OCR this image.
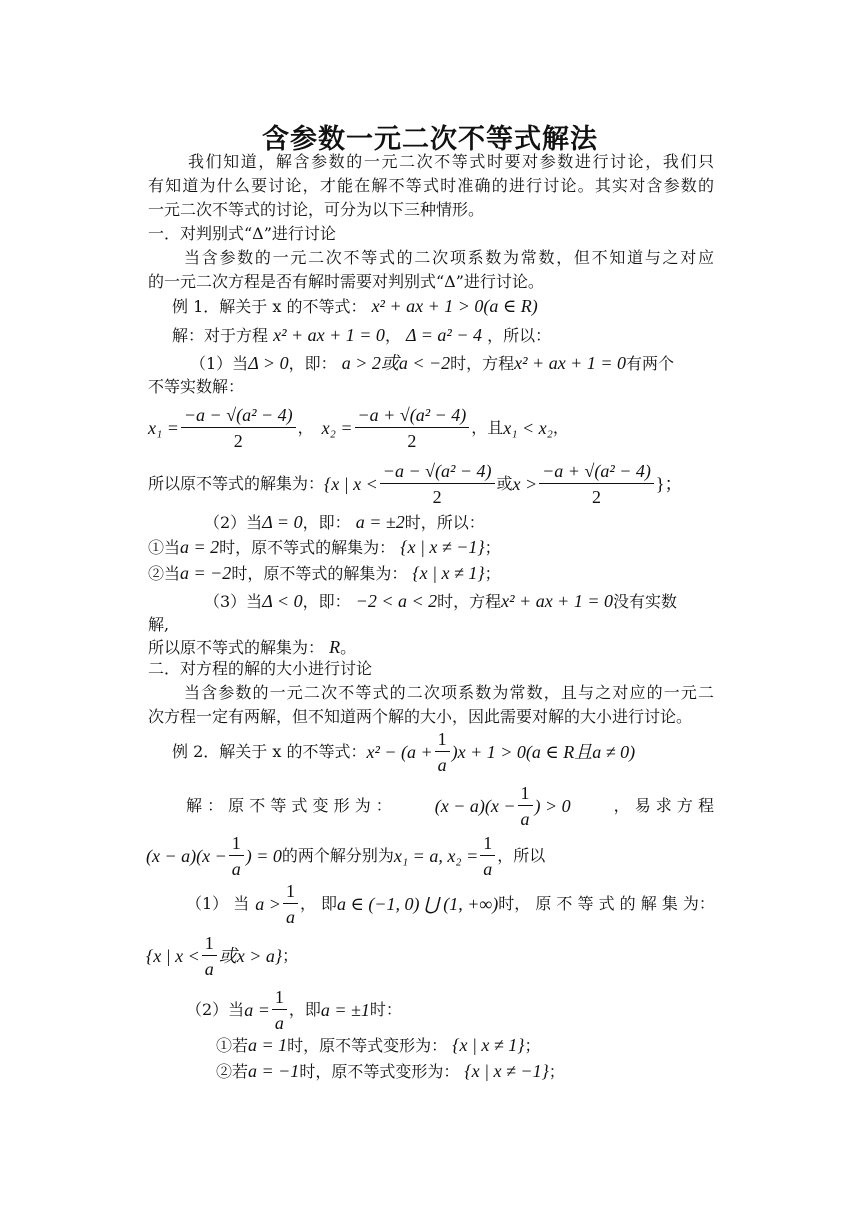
含参数一元二次不等式解法
我们知道，解含参数的一元二次不等式时要对参数进行讨论，我们只
有知道为什么要讨论，才能在解不等式时准确的进行讨论。其实对含参数的
一元二次不等式的讨论，可分为以下三种情形。
一．对判别式“Δ”进行讨论
当含参数的一元二次不等式的二次项系数为常数，但不知道与之对应
的一元二次方程是否有解时需要对判别式“Δ”进行讨论。
例 1．解关于 x 的不等式： x² + ax + 1 > 0(a ∈ R)
解：对于方程 x² + ax + 1 = 0， Δ = a² − 4 ，所以：
（1）当Δ > 0，即： a > 2或a < −2时，方程x² + ax + 1 = 0有两个
不等实数解：
$x_1 = \frac{\text{−a − √(a² − 4)}}{2}$ ， $x_2 = \frac{\text{−a + √(a² − 4)}}{2}$ ，且 x₁ < x₂ ，
所以原不等式的解集为： {x | $x < \frac{\text{−a − √(a² − 4)}}{2}$ 或 $x > \frac{\text{−a + √(a² − 4)}}{2}$ }；
（2）当Δ = 0，即： a = ±2时，所以：
①当a = 2时，原不等式的解集为： {x | x ≠ −1}；
②当a = −2时，原不等式的解集为： {x | x ≠ 1}；
（3）当Δ < 0，即： −2 < a < 2时，方程x² + ax + 1 = 0没有实数
解,
所以原不等式的解集为： R。
二．对方程的解的大小进行讨论
当含参数的一元二次不等式的二次项系数为常数，且与之对应的一元二
次方程一定有两解，但不知道两个解的大小，因此需要对解的大小进行讨论。
例 2．解关于 x 的不等式： $x^2 - (a + \frac{1}{a} )x + 1 > 0(a$ ∈ R且a ≠ 0)
解 ： 原 不 等 式 变 形 为 ： $(x - a)(x - \frac{1}{a}$ ) > 0	， 易 求 方 程
$(x - a)(x - \frac{1}{a}$ ) = 0 的两个解分别为 x₁ = a, $x_2 = \frac{1}{a}$ ，所以
（1） 当 $a > \frac{1}{a}$ ， 即 a ∈ (−1, 0) ⋃ (1, +∞) 时， 原 不 等 式 的 解 集 为：
{x | $x < \frac{1}{a}$ 或x > a} ；
（2）当 $a = \frac{1}{a}$ ，即 a = ±1 时：
①若a = 1时，原不等式变形为： {x | x ≠ 1}；
②若a = −1时，原不等式变形为： {x | x ≠ −1}；
